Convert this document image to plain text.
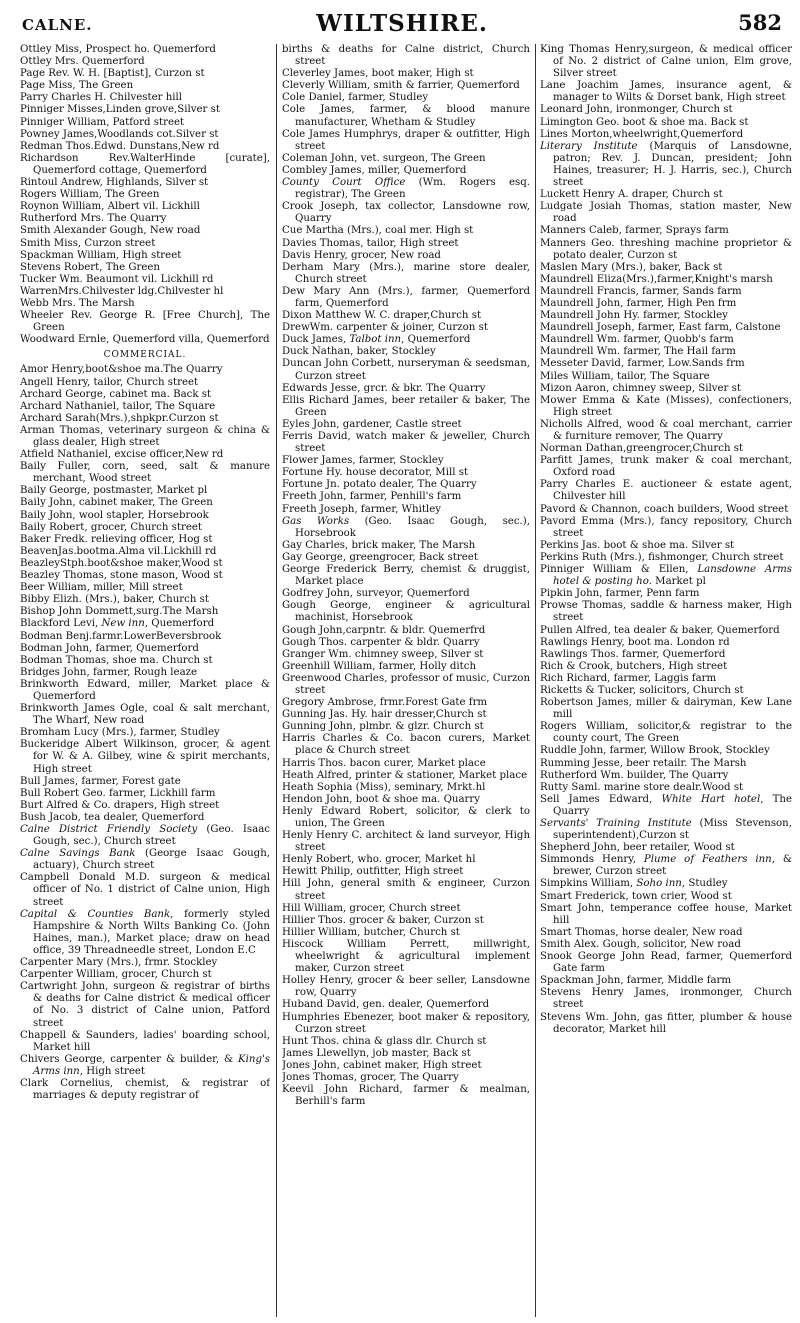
CALNE.	WILTSHIRE.	582

Ottley Miss, Prospect ho. Quemerford

Ottley Mrs. Quemerford

Page Rev. W. H. [Baptist], Curzon st

Page Miss, The Green

Parry Charles H. Chilvester hill

Pinniger Misses,Linden grove,Silver st

Pinniger William, Patford street

Powney James,Woodlands cot.Silver st

Redman Thos.Edwd. Dunstans,New rd

Richardson Rev.WalterHinde [curate], Quemerford cottage, Quemerford

Rintoul Andrew, Highlands, Silver st

Rogers William, The Green

Roynon William, Albert vil. Lickhill

Rutherford Mrs. The Quarry

Smith Alexander Gough, New road

Smith Miss, Curzon street

Spackman William, High street

Stevens Robert, The Green

Tucker Wm. Beaumont vil. Lickhill rd

WarrenMrs.Chilvester ldg.Chilvester hl

Webb Mrs. The Marsh

Wheeler Rev. George R. [Free Church], The Green

Woodward Ernle, Quemerford villa, Quemerford

COMMERCIAL.

Amor Henry,boot&shoe ma.The Quarry

Angell Henry, tailor, Church street

Archard George, cabinet ma. Back st

Archard Nathaniel, tailor, The Square

Archard Sarah(Mrs.),shpkpr.Curzon st

Arman Thomas, veterinary surgeon & china & glass dealer, High street

Atfield Nathaniel, excise officer,New rd

Baily Fuller, corn, seed, salt & manure merchant, Wood street

Baily George, postmaster, Market pl

Baily John, cabinet maker, The Green

Baily John, wool stapler, Horsebrook

Baily Robert, grocer, Church street

Baker Fredk. relieving officer, Hog st

BeavenJas.bootma.Alma vil.Lickhill rd

BeazleyStph.boot&shoe maker,Wood st

Beazley Thomas, stone mason, Wood st

Beer William, miller, Mill street

Bibby Elizh. (Mrs.), baker, Church st

Bishop John Dommett,surg.The Marsh

Blackford Levi, New inn, Quemerford

Bodman Benj.farmr.LowerBeversbrook

Bodman John, farmer, Quemerford

Bodman Thomas, shoe ma. Church st

Bridges John, farmer, Rough leaze

Brinkworth Edward, miller, Market place & Quemerford

Brinkworth James Ogle, coal & salt merchant, The Wharf, New road

Bromham Lucy (Mrs.), farmer, Studley

Buckeridge Albert Wilkinson, grocer, & agent for W. & A. Gilbey, wine & spirit merchants, High street

Bull James, farmer, Forest gate

Bull Robert Geo. farmer, Lickhill farm

Burt Alfred & Co. drapers, High street

Bush Jacob, tea dealer, Quemerford

Calne District Friendly Society (Geo. Isaac Gough, sec.), Church street

Calne Savings Bank (George Isaac Gough, actuary), Church street

Campbell Donald M.D. surgeon & medical officer of No. 1 district of Calne union, High street

Capital & Counties Bank, formerly styled Hampshire & North Wilts Banking Co. (John Haines, man.), Market place; draw on head office, 39 Threadneedle street, London E.C

Carpenter Mary (Mrs.), frmr. Stockley

Carpenter William, grocer, Church st

Cartwright John, surgeon & registrar of births & deaths for Calne district & medical officer of No. 3 district of Calne union, Patford street

Chappell & Saunders, ladies' boarding school, Market hill

Chivers George, carpenter & builder, & King's Arms inn, High street

Clark Cornelius, chemist, & registrar of marriages & deputy registrar of

births & deaths for Calne district, Church street

Cleverley James, boot maker, High st

Cleverly William, smith & farrier, Quemerford

Cole Daniel, farmer, Studley

Cole James, farmer, & blood manure manufacturer, Whetham & Studley

Cole James Humphrys, draper & outfitter, High street

Coleman John, vet. surgeon, The Green

Combley James, miller, Quemerford

County Court Office (Wm. Rogers esq. registrar), The Green

Crook Joseph, tax collector, Lansdowne row, Quarry

Cue Martha (Mrs.), coal mer. High st

Davies Thomas, tailor, High street

Davis Henry, grocer, New road

Derham Mary (Mrs.), marine store dealer, Church street

Dew Mary Ann (Mrs.), farmer, Quemerford farm, Quemerford

Dixon Matthew W. C. draper,Church st

DrewWm. carpenter & joiner, Curzon st

Duck James, Talbot inn, Quemerford

Duck Nathan, baker, Stockley

Duncan John Corbett, nurseryman & seedsman, Curzon street

Edwards Jesse, grcr. & bkr. The Quarry

Ellis Richard James, beer retailer & baker, The Green

Eyles John, gardener, Castle street

Ferris David, watch maker & jeweller, Church street

Flower James, farmer, Stockley

Fortune Hy. house decorator, Mill st

Fortune Jn. potato dealer, The Quarry

Freeth John, farmer, Penhill's farm

Freeth Joseph, farmer, Whitley

Gas Works (Geo. Isaac Gough, sec.), Horsebrook

Gay Charles, brick maker, The Marsh

Gay George, greengrocer, Back street

George Frederick Berry, chemist & druggist, Market place

Godfrey John, surveyor, Quemerford

Gough George, engineer & agricultural machinist, Horsebrook

Gough John,carpntr. & bldr. Quemerfrd

Gough Thos. carpenter & bldr. Quarry

Granger Wm. chimney sweep, Silver st

Greenhill William, farmer, Holly ditch

Greenwood Charles, professor of music, Curzon street

Gregory Ambrose, frmr.Forest Gate frm

Gunning Jas. Hy. hair dresser,Church st

Gunning John, plmbr. & glzr. Church st

Harris Charles & Co. bacon curers, Market place & Church street

Harris Thos. bacon curer, Market place

Heath Alfred, printer & stationer, Market place

Heath Sophia (Miss), seminary, Mrkt.hl

Hendon John, boot & shoe ma. Quarry

Henly Edward Robert, solicitor, & clerk to union, The Green

Henly Henry C. architect & land surveyor, High street

Henly Robert, who. grocer, Market hl

Hewitt Philip, outfitter, High street

Hill John, general smith & engineer, Curzon street

Hill William, grocer, Church street

Hillier Thos. grocer & baker, Curzon st

Hillier William, butcher, Church st

Hiscock William Perrett, millwright, wheelwright & agricultural implement maker, Curzon street

Holley Henry, grocer & beer seller, Lansdowne row, Quarry

Huband David, gen. dealer, Quemerford

Humphries Ebenezer, boot maker & repository, Curzon street

Hunt Thos. china & glass dlr. Church st

James Llewellyn, job master, Back st

Jones John, cabinet maker, High street

Jones Thomas, grocer, The Quarry

Keevil John Richard, farmer & mealman, Berhill's farm

King Thomas Henry,surgeon, & medical officer of No. 2 district of Calne union, Elm grove, Silver street

Lane Joachim James, insurance agent, & manager to Wilts & Dorset bank, High street

Leonard John, ironmonger, Church st

Limington Geo. boot & shoe ma. Back st

Lines Morton,wheelwright,Quemerford

Literary Institute (Marquis of Lansdowne, patron; Rev. J. Duncan, president; John Haines, treasurer; H. J. Harris, sec.), Church street

Luckett Henry A. draper, Church st

Ludgate Josiah Thomas, station master, New road

Manners Caleb, farmer, Sprays farm

Manners Geo. threshing machine proprietor & potato dealer, Curzon st

Maslen Mary (Mrs.), baker, Back st

Maundrell Eliza(Mrs.),farmer,Knight's marsh

Maundrell Francis, farmer, Sands farm

Maundrell John, farmer, High Pen frm

Maundrell John Hy. farmer, Stockley

Maundrell Joseph, farmer, East farm, Calstone

Maundrell Wm. farmer, Quobb's farm

Maundrell Wm. farmer, The Hail farm

Messeter David, farmer, Low.Sands frm

Miles William, tailor, The Square

Mizon Aaron, chimney sweep, Silver st

Mower Emma & Kate (Misses), confectioners, High street

Nicholls Alfred, wood & coal merchant, carrier & furniture remover, The Quarry

Norman Dathan,greengrocer,Church st

Parfitt James, trunk maker & coal merchant, Oxford road

Parry Charles E. auctioneer & estate agent, Chilvester hill

Pavord & Channon, coach builders, Wood street

Pavord Emma (Mrs.), fancy repository, Church street

Perkins Jas. boot & shoe ma. Silver st

Perkins Ruth (Mrs.), fishmonger, Church street

Pinniger William & Ellen, Lansdowne Arms hotel & posting ho. Market pl

Pipkin John, farmer, Penn farm

Prowse Thomas, saddle & harness maker, High street

Pullen Alfred, tea dealer & baker, Quemerford

Rawlings Henry, boot ma. London rd

Rawlings Thos. farmer, Quemerford

Rich & Crook, butchers, High street

Rich Richard, farmer, Laggis farm

Ricketts & Tucker, solicitors, Church st

Robertson James, miller & dairyman, Kew Lane mill

Rogers William, solicitor,& registrar to the county court, The Green

Ruddle John, farmer, Willow Brook, Stockley

Rumming Jesse, beer retailr. The Marsh

Rutherford Wm. builder, The Quarry

Rutty Saml. marine store dealr.Wood st

Sell James Edward, White Hart hotel, The Quarry

Servants' Training Institute (Miss Stevenson, superintendent),Curzon st

Shepherd John, beer retailer, Wood st

Simmonds Henry, Plume of Feathers inn, & brewer, Curzon street

Simpkins William, Soho inn, Studley

Smart Frederick, town crier, Wood st

Smart John, temperance coffee house, Market hill

Smart Thomas, horse dealer, New road

Smith Alex. Gough, solicitor, New road

Snook George John Read, farmer, Quemerford Gate farm

Spackman John, farmer, Middle farm

Stevens Henry James, ironmonger, Church street

Stevens Wm. John, gas fitter, plumber & house decorator, Market hill
